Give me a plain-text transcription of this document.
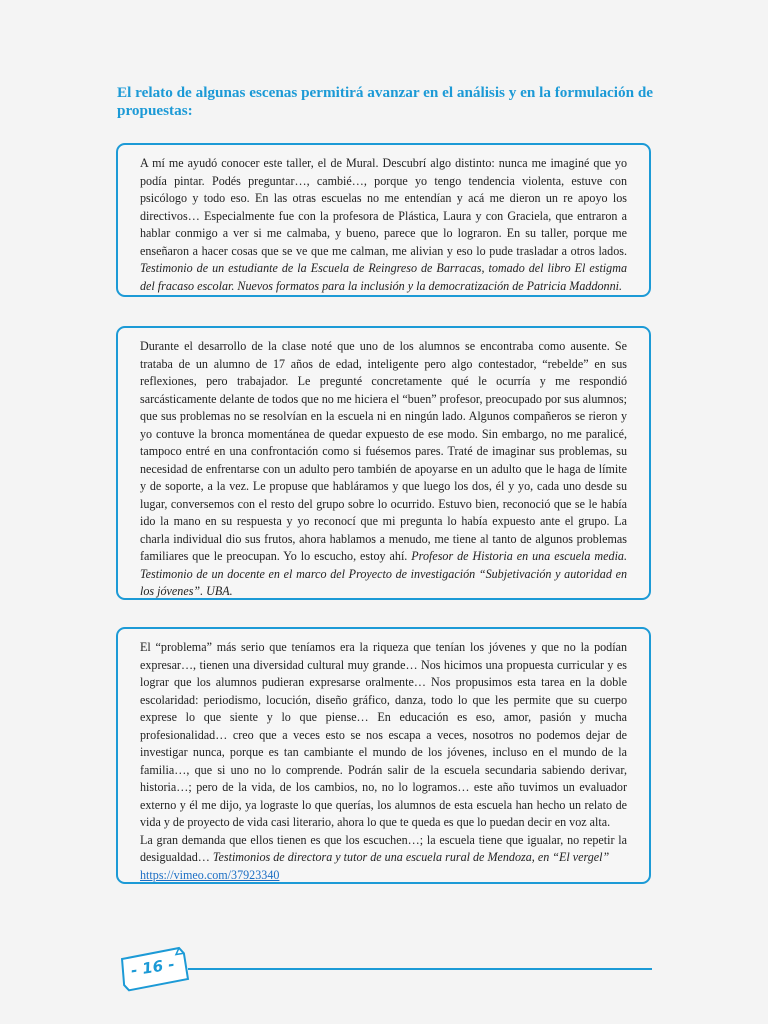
El relato de algunas escenas permitirá avanzar en el análisis y en la formulación de propuestas:

A mí me ayudó conocer este taller, el de Mural. Descubrí algo distinto: nunca me imaginé que yo podía pintar. Podés preguntar…, cambié…, porque yo tengo tendencia violenta, estuve con psicólogo y todo eso. En las otras escuelas no me entendían y acá me dieron un re apoyo los directivos… Especialmente fue con la profesora de Plástica, Laura y con Graciela, que entraron a hablar conmigo a ver si me calmaba, y bueno, parece que lo lograron. En su taller, porque me enseñaron a hacer cosas que se ve que me calman, me alivian y eso lo pude trasladar a otros lados. Testimonio de un estudiante de la Escuela de Reingreso de Barracas, tomado del libro El estigma del fracaso escolar. Nuevos formatos para la inclusión y la democratización de Patricia Maddonni.

Durante el desarrollo de la clase noté que uno de los alumnos se encontraba como ausente. Se trataba de un alumno de 17 años de edad, inteligente pero algo contestador, “rebelde” en sus reflexiones, pero trabajador. Le pregunté concretamente qué le ocurría y me respondió sarcásticamente delante de todos que no me hiciera el “buen” profesor, preocupado por sus alumnos; que sus problemas no se resolvían en la escuela ni en ningún lado. Algunos compañeros se rieron y yo contuve la bronca momentánea de quedar expuesto de ese modo. Sin embargo, no me paralicé, tampoco entré en una confrontación como si fuésemos pares. Traté de imaginar sus problemas, su necesidad de enfrentarse con un adulto pero también de apoyarse en un adulto que le haga de límite y de soporte, a la vez. Le propuse que habláramos y que luego los dos, él y yo, cada uno desde su lugar, conversemos con el resto del grupo sobre lo ocurrido. Estuvo bien, reconoció que se le había ido la mano en su respuesta y yo reconocí que mi pregunta lo había expuesto ante el grupo. La charla individual dio sus frutos, ahora hablamos a menudo, me tiene al tanto de algunos problemas familiares que le preocupan. Yo lo escucho, estoy ahí. Profesor de Historia en una escuela media. Testimonio de un docente en el marco del Proyecto de investigación “Subjetivación y autoridad en los jóvenes”. UBA.

El “problema” más serio que teníamos era la riqueza que tenían los jóvenes y que no la podían expresar…, tienen una diversidad cultural muy grande… Nos hicimos una propuesta curricular y es lograr que los alumnos pudieran expresarse oralmente… Nos propusimos esta tarea en la doble escolaridad: periodismo, locución, diseño gráfico, danza, todo lo que les permite que su cuerpo exprese lo que siente y lo que piense… En educación es eso, amor, pasión y mucha profesionalidad… creo que a veces esto se nos escapa a veces, nosotros no podemos dejar de investigar nunca, porque es tan cambiante el mundo de los jóvenes, incluso en el mundo de la familia…, que si uno no lo comprende. Podrán salir de la escuela secundaria sabiendo derivar, historia…; pero de la vida, de los cambios, no, no lo logramos… este año tuvimos un evaluador externo y él me dijo, ya lograste lo que querías, los alumnos de esta escuela han hecho un relato de vida y de proyecto de vida casi literario, ahora lo que te queda es que lo puedan decir en voz alta.

La gran demanda que ellos tienen es que los escuchen…; la escuela tiene que igualar, no repetir la desigualdad… Testimonios de directora y tutor de una escuela rural de Mendoza, en “El vergel”
https://vimeo.com/37923340

- 16 -
